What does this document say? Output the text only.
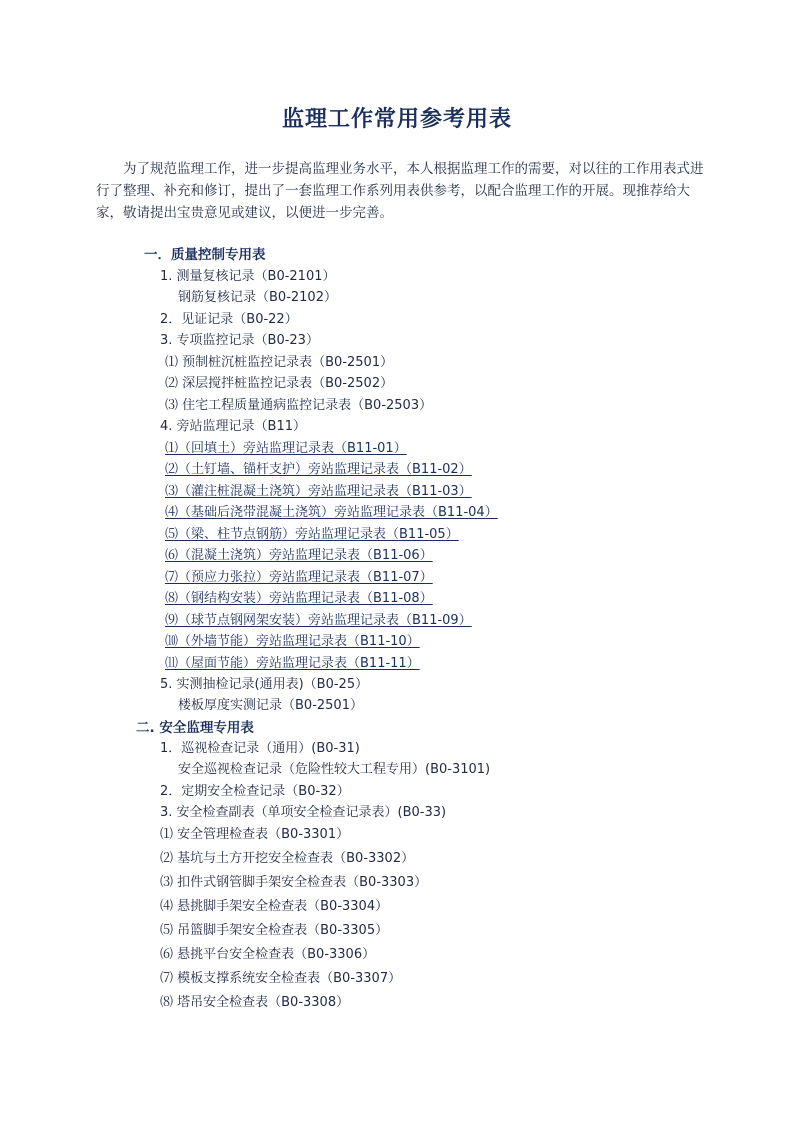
监理工作常用参考用表

为了规范监理工作，进一步提高监理业务水平，本人根据监理工作的需要，对以往的工作用表式进行了整理、补充和修订，提出了一套监理工作系列用表供参考，以配合监理工作的开展。现推荐给大家，敬请提出宝贵意见或建议，以便进一步完善。

一．质量控制专用表
1. 测量复核记录（B0-2101）
钢筋复核记录（B0-2102）
2．见证记录（B0-22）
3. 专项监控记录（B0-23）
⑴ 预制桩沉桩监控记录表（B0-2501）
⑵ 深层搅拌桩监控记录表（B0-2502）
⑶ 住宅工程质量通病监控记录表（B0-2503）
4. 旁站监理记录（B11）
⑴（回填土）旁站监理记录表（B11-01）
⑵（土钉墙、锚杆支护）旁站监理记录表（B11-02）
⑶（灌注桩混凝土浇筑）旁站监理记录表（B11-03）
⑷（基础后浇带混凝土浇筑）旁站监理记录表（B11-04）
⑸（梁、柱节点钢筋）旁站监理记录表（B11-05）
⑹（混凝土浇筑）旁站监理记录表（B11-06）
⑺（预应力张拉）旁站监理记录表（B11-07）
⑻（钢结构安装）旁站监理记录表（B11-08）
⑼（球节点钢网架安装）旁站监理记录表（B11-09）
⑽（外墙节能）旁站监理记录表（B11-10）
⑾（屋面节能）旁站监理记录表（B11-11）
5. 实测抽检记录(通用表)（B0-25）
楼板厚度实测记录（B0-2501）
二. 安全监理专用表
1．巡视检查记录（通用）(B0-31)
安全巡视检查记录（危险性较大工程专用）(B0-3101)
2．定期安全检查记录（B0-32）
3. 安全检查副表（单项安全检查记录表）(B0-33)
⑴ 安全管理检查表（B0-3301）
⑵ 基坑与土方开挖安全检查表（B0-3302）
⑶ 扣件式钢管脚手架安全检查表（B0-3303）
⑷ 悬挑脚手架安全检查表（B0-3304）
⑸ 吊篮脚手架安全检查表（B0-3305）
⑹ 悬挑平台安全检查表（B0-3306）
⑺ 模板支撑系统安全检查表（B0-3307）
⑻ 塔吊安全检查表（B0-3308）
